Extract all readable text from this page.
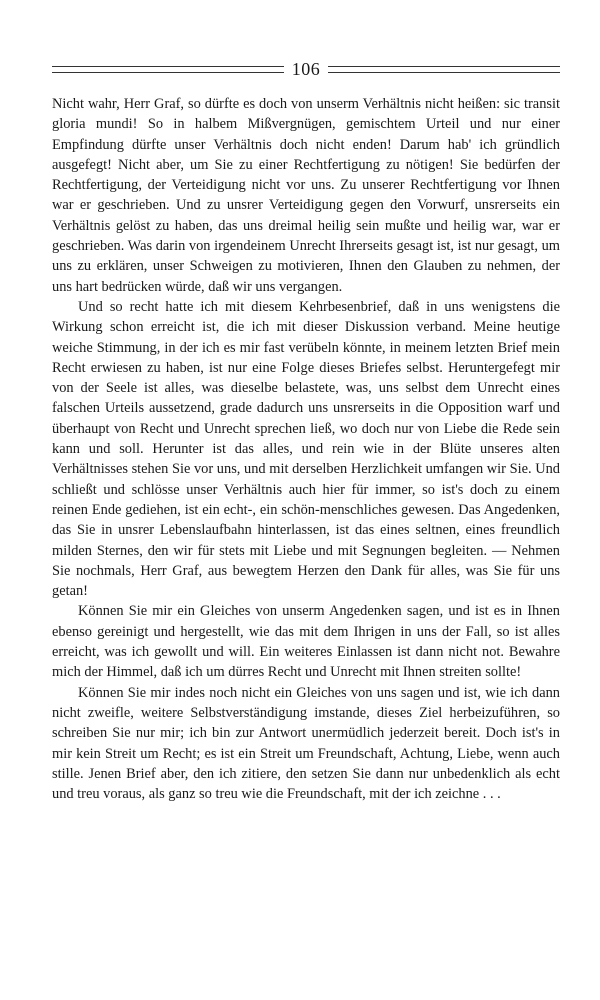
106

Nicht wahr, Herr Graf, so dürfte es doch von unserm Verhältnis nicht heißen: sic transit gloria mundi! So in halbem Mißvergnügen, gemischtem Urteil und nur einer Empfindung dürfte unser Verhältnis doch nicht enden! Darum hab' ich gründlich ausgefegt! Nicht aber, um Sie zu einer Rechtfertigung zu nötigen! Sie bedürfen der Rechtfertigung, der Verteidigung nicht vor uns. Zu unserer Rechtfertigung vor Ihnen war er geschrieben. Und zu unsrer Verteidigung gegen den Vorwurf, unsrerseits ein Verhältnis gelöst zu haben, das uns dreimal heilig sein mußte und heilig war, war er geschrieben. Was darin von irgendeinem Unrecht Ihrerseits gesagt ist, ist nur gesagt, um uns zu erklären, unser Schweigen zu motivieren, Ihnen den Glauben zu nehmen, der uns hart bedrücken würde, daß wir uns vergangen.

Und so recht hatte ich mit diesem Kehrbesenbrief, daß in uns wenigstens die Wirkung schon erreicht ist, die ich mit dieser Diskussion verband. Meine heutige weiche Stimmung, in der ich es mir fast verübeln könnte, in meinem letzten Brief mein Recht erwiesen zu haben, ist nur eine Folge dieses Briefes selbst. Heruntergefegt mir von der Seele ist alles, was dieselbe belastete, was, uns selbst dem Unrecht eines falschen Urteils aussetzend, grade dadurch uns unsrerseits in die Opposition warf und überhaupt von Recht und Unrecht sprechen ließ, wo doch nur von Liebe die Rede sein kann und soll. Herunter ist das alles, und rein wie in der Blüte unseres alten Verhältnisses stehen Sie vor uns, und mit derselben Herzlichkeit umfangen wir Sie. Und schließt und schlösse unser Verhältnis auch hier für immer, so ist's doch zu einem reinen Ende gediehen, ist ein echt-, ein schön-menschliches gewesen. Das Angedenken, das Sie in unsrer Lebenslaufbahn hinterlassen, ist das eines seltnen, eines freundlich milden Sternes, den wir für stets mit Liebe und mit Segnungen begleiten. — Nehmen Sie nochmals, Herr Graf, aus bewegtem Herzen den Dank für alles, was Sie für uns getan!

Können Sie mir ein Gleiches von unserm Angedenken sagen, und ist es in Ihnen ebenso gereinigt und hergestellt, wie das mit dem Ihrigen in uns der Fall, so ist alles erreicht, was ich gewollt und will. Ein weiteres Einlassen ist dann nicht not. Bewahre mich der Himmel, daß ich um dürres Recht und Unrecht mit Ihnen streiten sollte!

Können Sie mir indes noch nicht ein Gleiches von uns sagen und ist, wie ich dann nicht zweifle, weitere Selbstverständigung imstande, dieses Ziel herbeizuführen, so schreiben Sie nur mir; ich bin zur Antwort unermüdlich jederzeit bereit. Doch ist's in mir kein Streit um Recht; es ist ein Streit um Freundschaft, Achtung, Liebe, wenn auch stille. Jenen Brief aber, den ich zitiere, den setzen Sie dann nur unbedenklich als echt und treu voraus, als ganz so treu wie die Freundschaft, mit der ich zeichne . . .
